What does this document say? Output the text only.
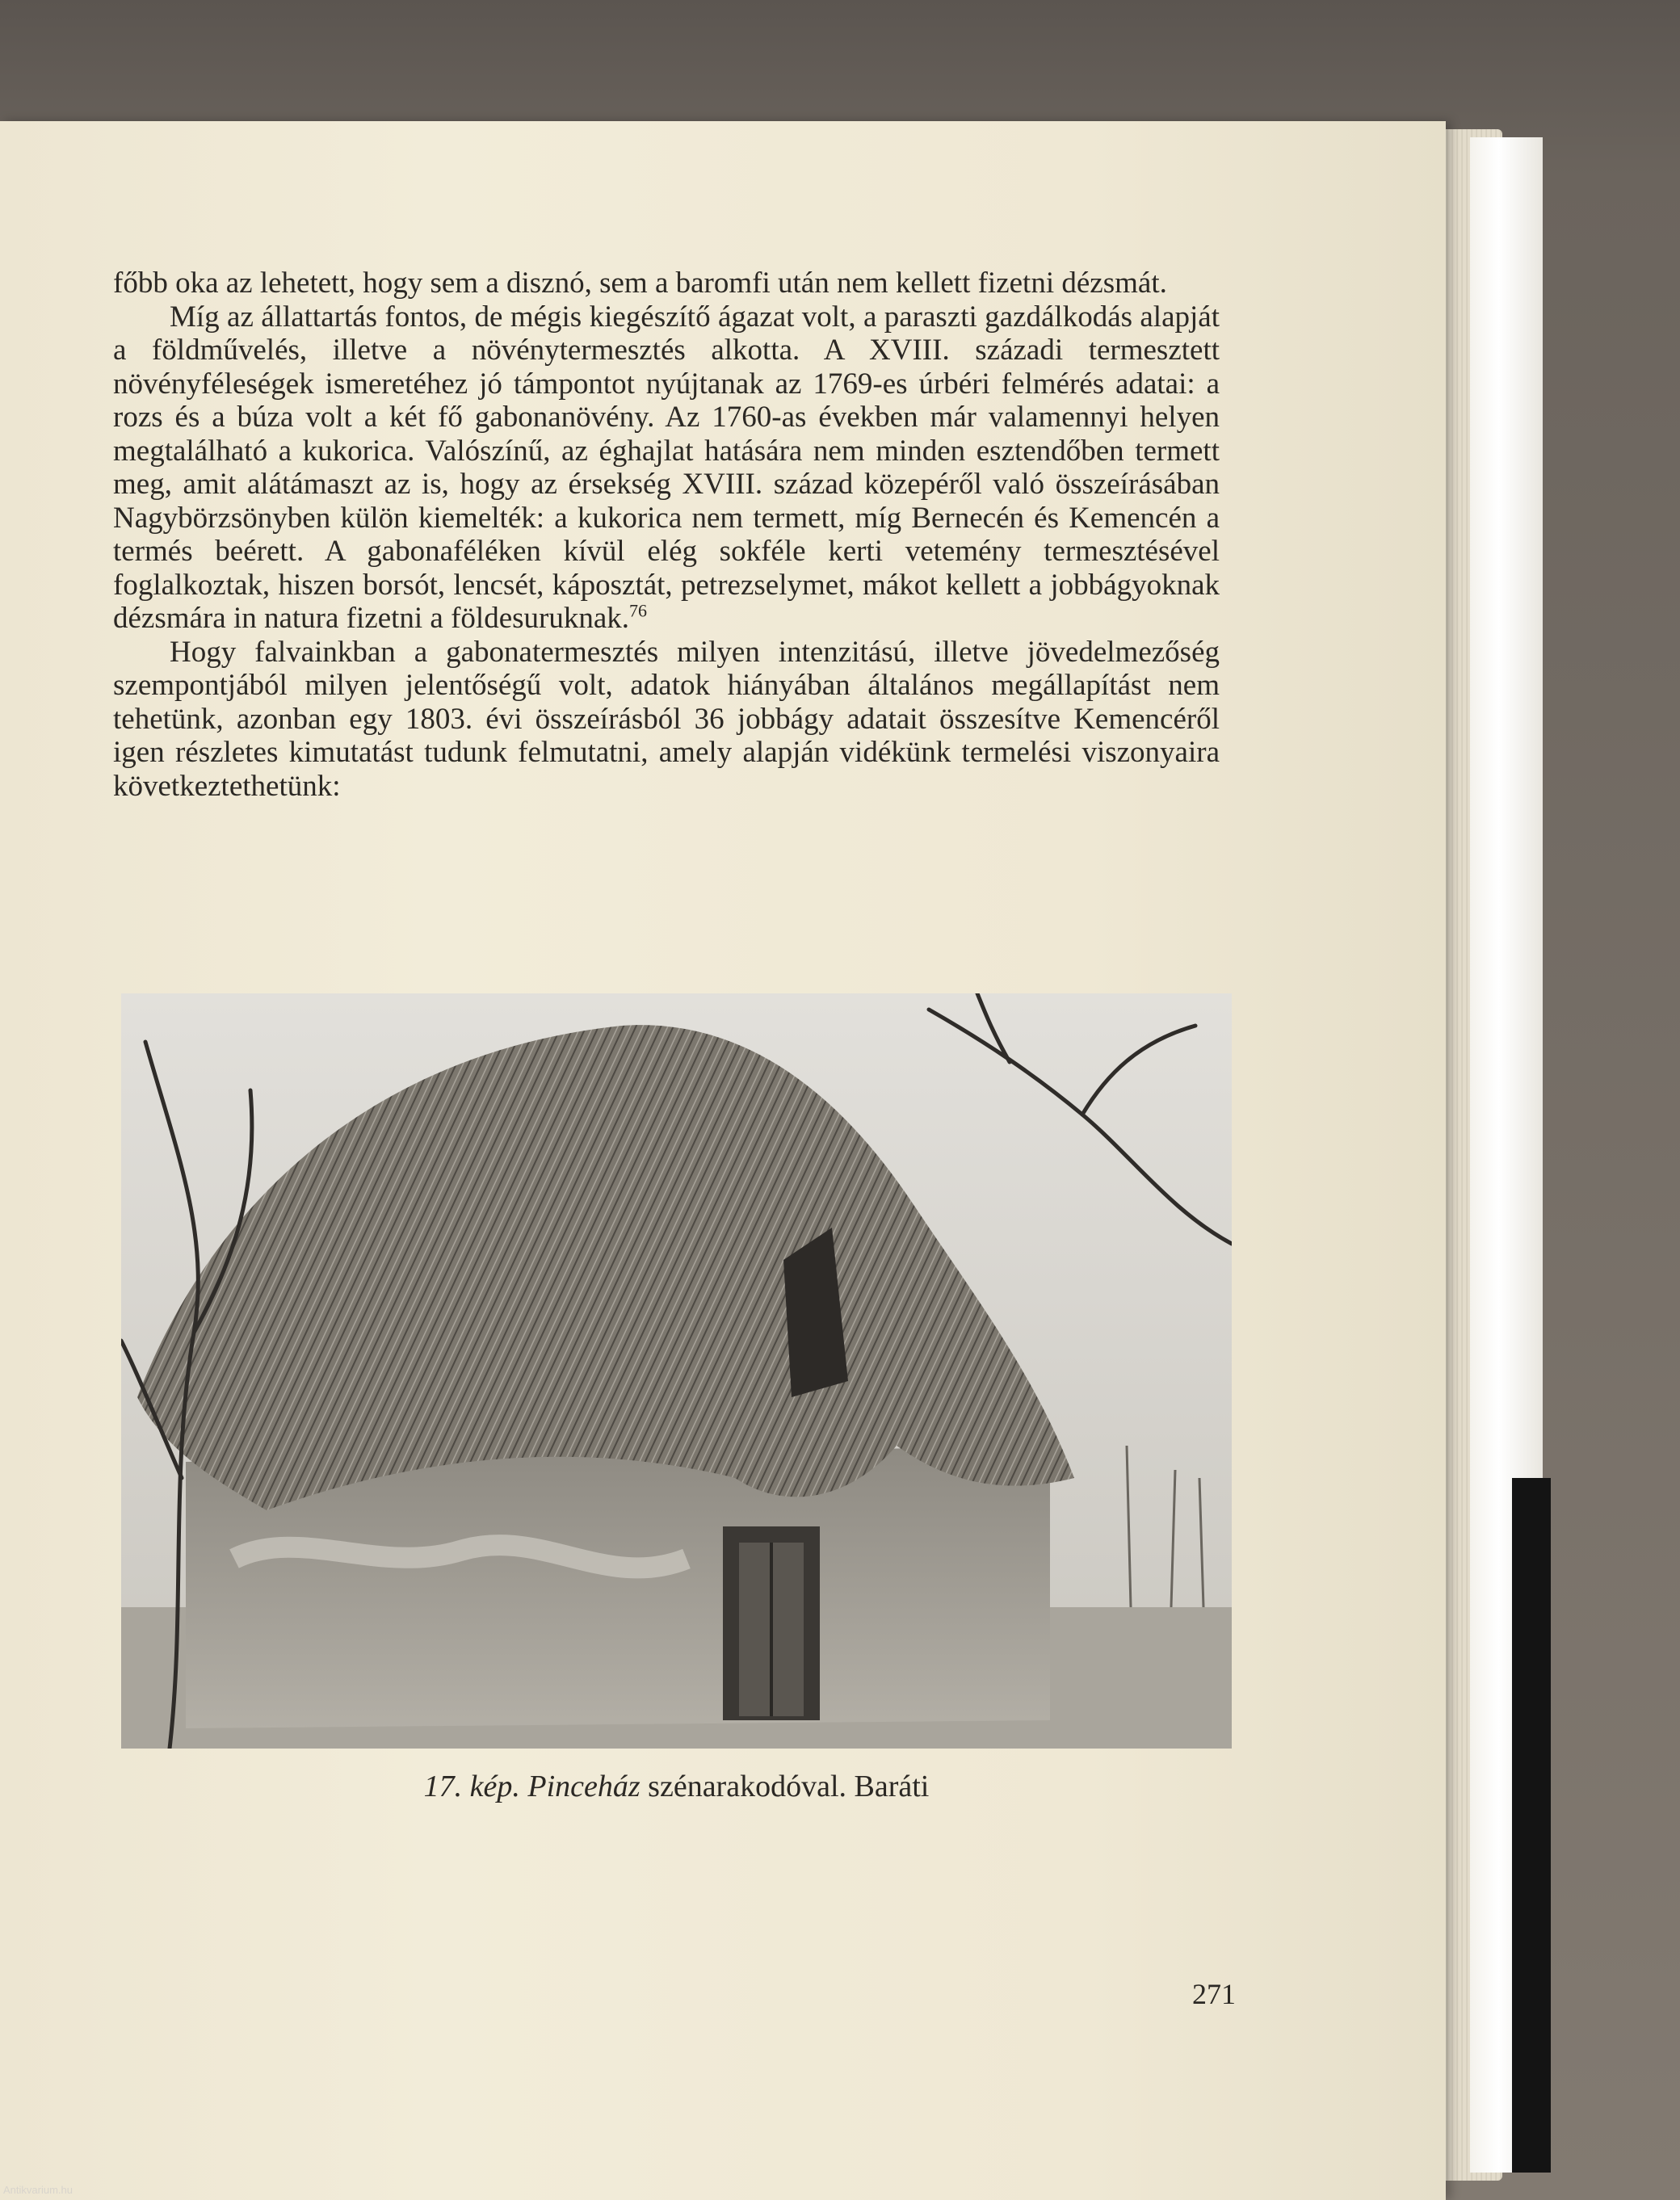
főbb oka az lehetett, hogy sem a disznó, sem a baromfi után nem kellett fizetni dézsmát.

Míg az állattartás fontos, de mégis kiegészítő ágazat volt, a paraszti gazdálkodás alapját a földművelés, illetve a növénytermesztés alkotta. A XVIII. századi termesztett növényféleségek ismeretéhez jó támpontot nyújtanak az 1769-es úrbéri felmérés adatai: a rozs és a búza volt a két fő gabonanövény. Az 1760-as években már valamennyi helyen megtalálható a kukorica. Valószínű, az éghajlat hatására nem minden esztendőben termett meg, amit alátámaszt az is, hogy az érsekség XVIII. század közepéről való összeírásában Nagybörzsönyben külön kiemelték: a kukorica nem termett, míg Bernecén és Kemencén a termés beérett. A gabonaféléken kívül elég sokféle kerti vetemény termesztésével foglalkoztak, hiszen borsót, lencsét, káposztát, petrezselymet, mákot kellett a jobbágyoknak dézsmára in natura fizetni a földesuruknak.$^{76}$

Hogy falvainkban a gabonatermesztés milyen intenzitású, illetve jövedelmezőség szempontjából milyen jelentőségű volt, adatok hiányában általános megállapítást nem tehetünk, azonban egy 1803. évi összeírásból 36 jobbágy adatait összesítve Kemencéről igen részletes kimutatást tudunk felmutatni, amely alapján vidékünk termelési viszonyaira következtethetünk:

17. kép. Pinceház szénarakodóval. Baráti
271
Antikvarium.hu
